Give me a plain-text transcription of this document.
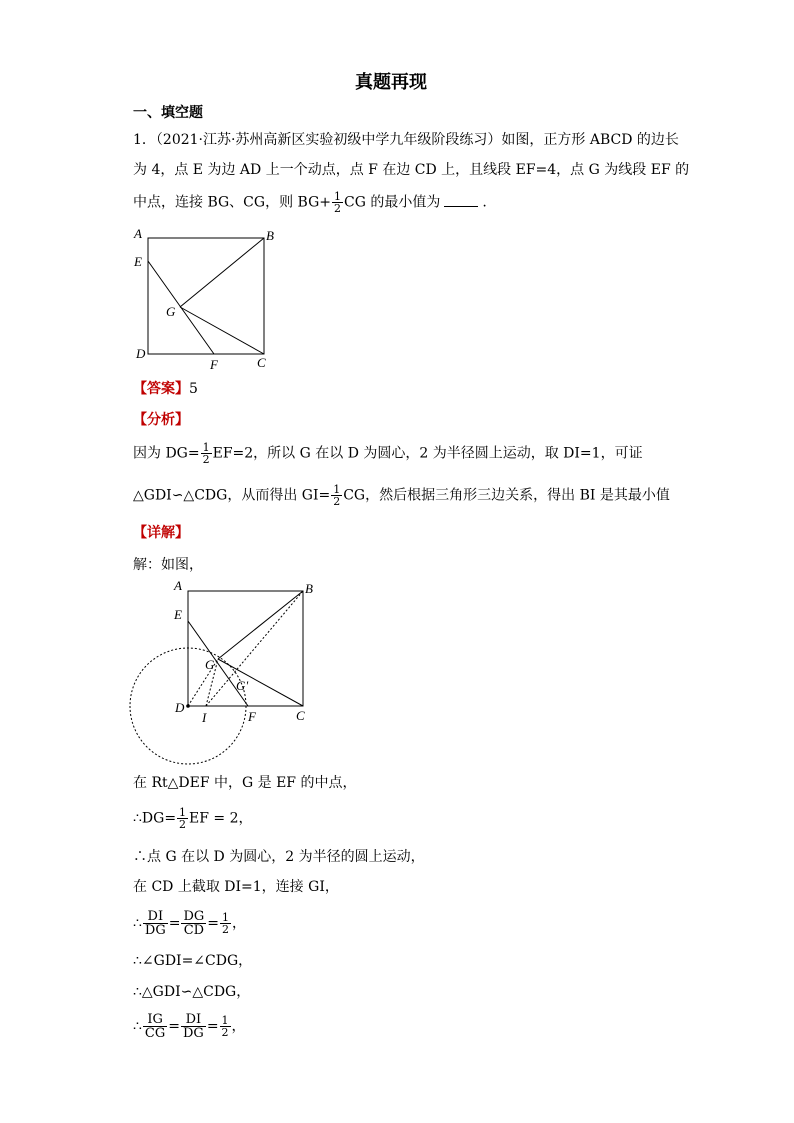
真题再现
一、填空题
1．（2021·江苏·苏州高新区实验初级中学九年级阶段练习）如图，正方形 ABCD 的边长
为 4，点 E 为边 AD 上一个动点，点 F 在边 CD 上，且线段 EF=4，点 G 为线段 EF 的
中点，连接 BG、CG，则 $BG+ \frac{1}{2}$ CG 的最小值为	.
A	B
E
G
D
F	C
【答案】5
【分析】
因为 $DG= \frac{1}{2} EF=2$，所以 G 在以 D 为圆心，2 为半径圆上运动，取 DI=1，可证
△GDI∽△CDG，从而得出 $GI= \frac{1}{2}$ CG，然后根据三角形三边关系，得出 BI 是其最小值
【详解】
解：如图，
A	B
E
G
G'
D
I	F	C
在 Rt△DEF 中，G 是 EF 的中点，
∴DG= $\frac{1}{2}$ EF = 2，
∴点 G 在以 D 为圆心，2 为半径的圆上运动，
在 CD 上截取 DI=1，连接 GI，
∴ $\frac{DI}{DG} = \frac{DG}{CD} = \frac{1}{2}$ ，
∴∠GDI=∠CDG，
∴△GDI∽△CDG，
∴ $\frac{IG}{CG} = \frac{DI}{DG} = \frac{1}{2}$ ，
